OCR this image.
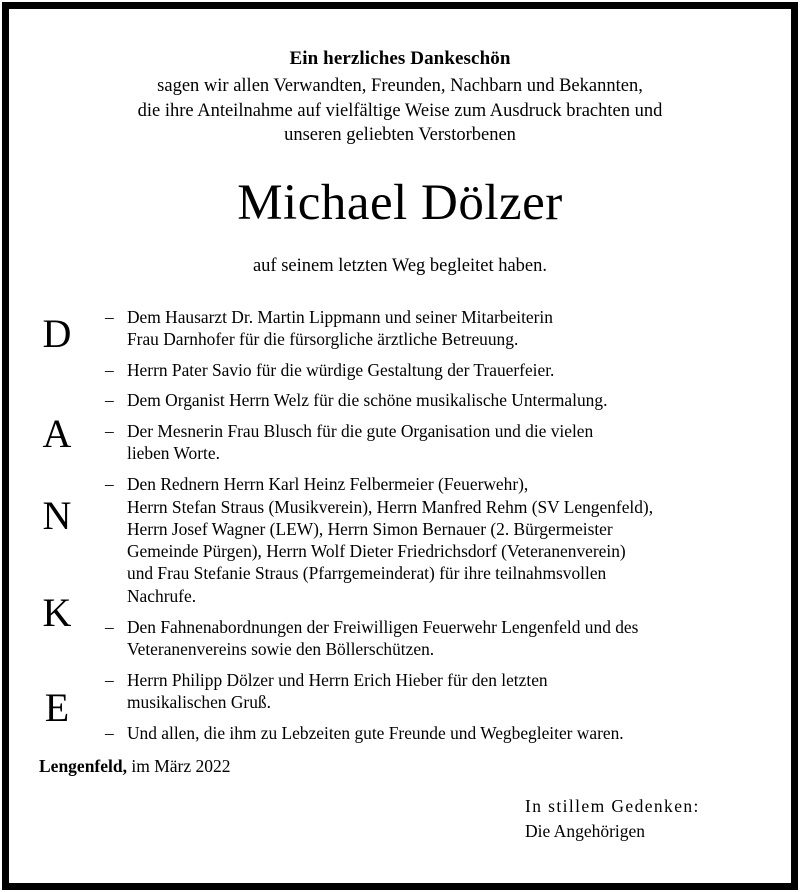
Ein herzliches Dankeschön
sagen wir allen Verwandten, Freunden, Nachbarn und Bekannten,
die ihre Anteilnahme auf vielfältige Weise zum Ausdruck brachten und
unseren geliebten Verstorbenen
Michael Dölzer
auf seinem letzten Weg begleitet haben.
D
A
N
K
E
– Dem Hausarzt Dr. Martin Lippmann und seiner Mitarbeiterin
Frau Darnhofer für die fürsorgliche ärztliche Betreuung.
– Herrn Pater Savio für die würdige Gestaltung der Trauerfeier.
– Dem Organist Herrn Welz für die schöne musikalische Untermalung.
– Der Mesnerin Frau Blusch für die gute Organisation und die vielen
lieben Worte.
– Den Rednern Herrn Karl Heinz Felbermeier (Feuerwehr),
Herrn Stefan Straus (Musikverein), Herrn Manfred Rehm (SV Lengenfeld),
Herrn Josef Wagner (LEW), Herrn Simon Bernauer (2. Bürgermeister
Gemeinde Pürgen), Herrn Wolf Dieter Friedrichsdorf (Veteranenverein)
und Frau Stefanie Straus (Pfarrgemeinderat) für ihre teilnahmsvollen
Nachrufe.
– Den Fahnenabordnungen der Freiwilligen Feuerwehr Lengenfeld und des
Veteranenvereins sowie den Böllerschützen.
– Herrn Philipp Dölzer und Herrn Erich Hieber für den letzten
musikalischen Gruß.
– Und allen, die ihm zu Lebzeiten gute Freunde und Wegbegleiter waren.
Lengenfeld, im März 2022
In stillem Gedenken:
Die Angehörigen
